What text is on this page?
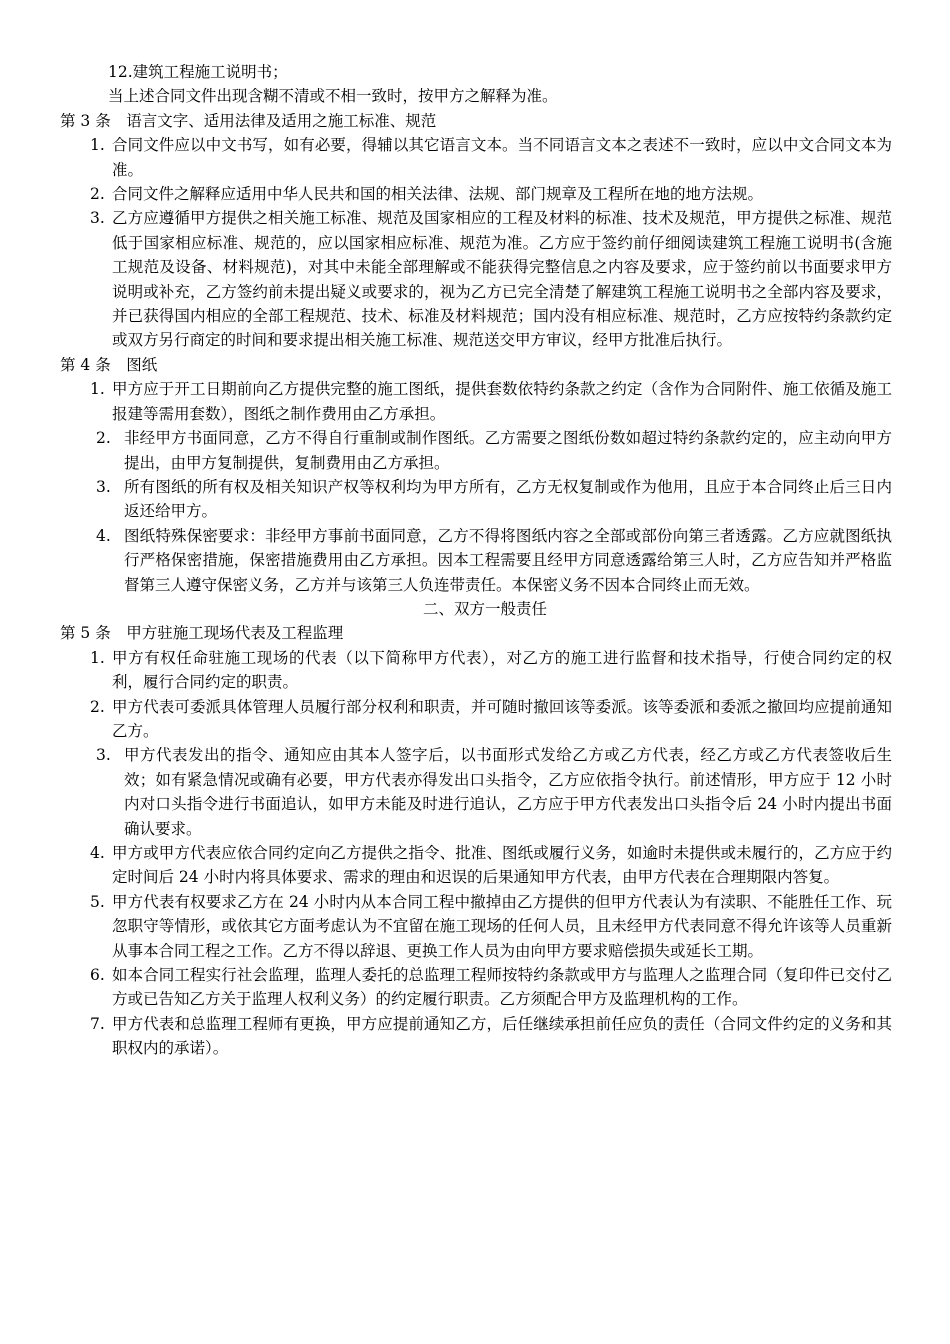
12.建筑工程施工说明书；
当上述合同文件出现含糊不清或不相一致时，按甲方之解释为准。
第 3 条　语言文字、适用法律及适用之施工标准、规范
1. 合同文件应以中文书写，如有必要，得辅以其它语言文本。当不同语言文本之表述不一致时，应以中文合同文本为准。
2. 合同文件之解释应适用中华人民共和国的相关法律、法规、部门规章及工程所在地的地方法规。
3. 乙方应遵循甲方提供之相关施工标准、规范及国家相应的工程及材料的标准、技术及规范，甲方提供之标准、规范低于国家相应标准、规范的，应以国家相应标准、规范为准。乙方应于签约前仔细阅读建筑工程施工说明书(含施工规范及设备、材料规范)，对其中未能全部理解或不能获得完整信息之内容及要求，应于签约前以书面要求甲方说明或补充，乙方签约前未提出疑义或要求的，视为乙方已完全清楚了解建筑工程施工说明书之全部内容及要求，并已获得国内相应的全部工程规范、技术、标准及材料规范；国内没有相应标准、规范时，乙方应按特约条款约定或双方另行商定的时间和要求提出相关施工标准、规范送交甲方审议，经甲方批准后执行。
第 4 条　图纸
1. 甲方应于开工日期前向乙方提供完整的施工图纸，提供套数依特约条款之约定（含作为合同附件、施工依循及施工报建等需用套数），图纸之制作费用由乙方承担。
2. 非经甲方书面同意，乙方不得自行重制或制作图纸。乙方需要之图纸份数如超过特约条款约定的，应主动向甲方提出，由甲方复制提供，复制费用由乙方承担。
3. 所有图纸的所有权及相关知识产权等权利均为甲方所有，乙方无权复制或作为他用，且应于本合同终止后三日内返还给甲方。
4. 图纸特殊保密要求：非经甲方事前书面同意，乙方不得将图纸内容之全部或部份向第三者透露。乙方应就图纸执行严格保密措施，保密措施费用由乙方承担。因本工程需要且经甲方同意透露给第三人时，乙方应告知并严格监督第三人遵守保密义务，乙方并与该第三人负连带责任。本保密义务不因本合同终止而无效。
二、双方一般责任
第 5 条　甲方驻施工现场代表及工程监理
1. 甲方有权任命驻施工现场的代表（以下简称甲方代表），对乙方的施工进行监督和技术指导，行使合同约定的权利，履行合同约定的职责。
2. 甲方代表可委派具体管理人员履行部分权利和职责，并可随时撤回该等委派。该等委派和委派之撤回均应提前通知乙方。
3. 甲方代表发出的指令、通知应由其本人签字后，以书面形式发给乙方或乙方代表，经乙方或乙方代表签收后生效；如有紧急情况或确有必要，甲方代表亦得发出口头指令，乙方应依指令执行。前述情形，甲方应于 12 小时内对口头指令进行书面追认，如甲方未能及时进行追认，乙方应于甲方代表发出口头指令后 24 小时内提出书面确认要求。
4. 甲方或甲方代表应依合同约定向乙方提供之指令、批准、图纸或履行义务，如逾时未提供或未履行的，乙方应于约定时间后 24 小时内将具体要求、需求的理由和迟误的后果通知甲方代表，由甲方代表在合理期限内答复。
5. 甲方代表有权要求乙方在 24 小时内从本合同工程中撤掉由乙方提供的但甲方代表认为有渎职、不能胜任工作、玩忽职守等情形，或依其它方面考虑认为不宜留在施工现场的任何人员，且未经甲方代表同意不得允许该等人员重新从事本合同工程之工作。乙方不得以辞退、更换工作人员为由向甲方要求赔偿损失或延长工期。
6. 如本合同工程实行社会监理，监理人委托的总监理工程师按特约条款或甲方与监理人之监理合同（复印件已交付乙方或已告知乙方关于监理人权利义务）的约定履行职责。乙方须配合甲方及监理机构的工作。
7. 甲方代表和总监理工程师有更换，甲方应提前通知乙方，后任继续承担前任应负的责任（合同文件约定的义务和其职权内的承诺）。
